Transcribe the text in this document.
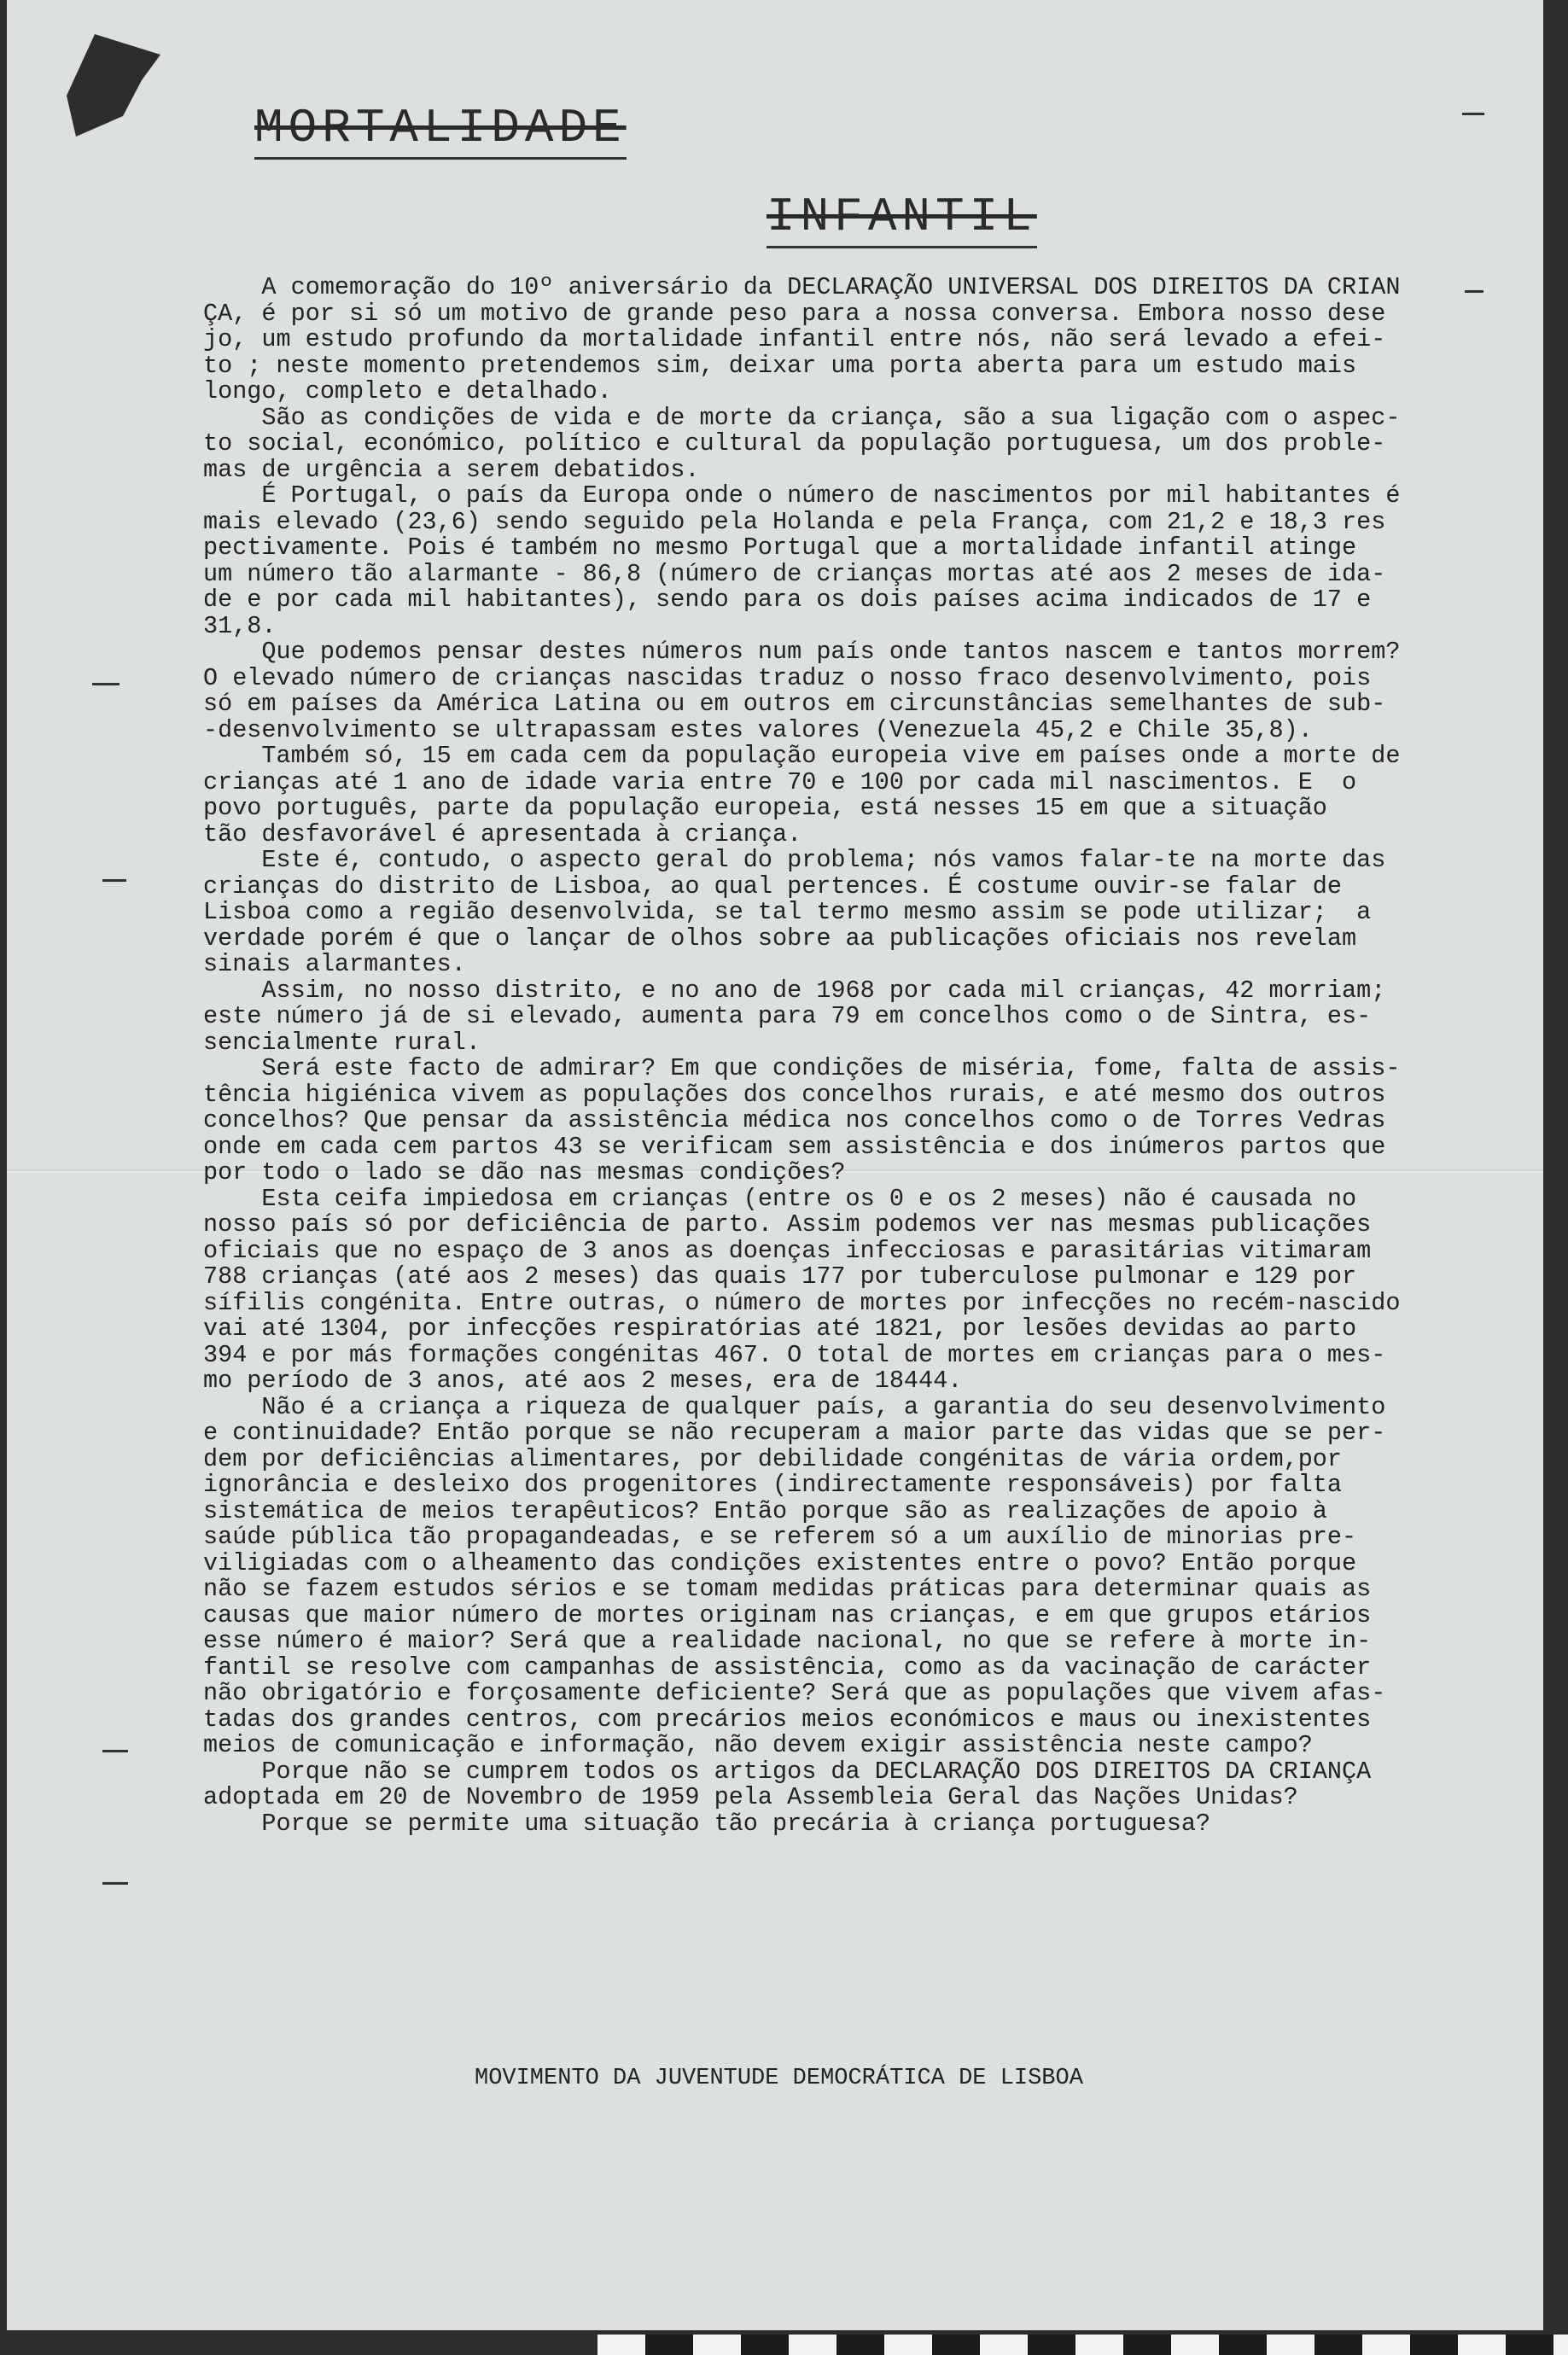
MORTALIDADE
INFANTIL
A comemoração do 10º aniversário da DECLARAÇÃO UNIVERSAL DOS DIREITOS DA CRIAN
ÇA, é por si só um motivo de grande peso para a nossa conversa. Embora nosso dese
jo, um estudo profundo da mortalidade infantil entre nós, não será levado a efei-
to ; neste momento pretendemos sim, deixar uma porta aberta para um estudo mais
longo, completo e detalhado.
São as condições de vida e de morte da criança, são a sua ligação com o aspec-
to social, económico, político e cultural da população portuguesa, um dos proble-
mas de urgência a serem debatidos.
É Portugal, o país da Europa onde o número de nascimentos por mil habitantes é
mais elevado (23,6) sendo seguido pela Holanda e pela França, com 21,2 e 18,3 res
pectivamente. Pois é também no mesmo Portugal que a mortalidade infantil atinge
um número tão alarmante - 86,8 (número de crianças mortas até aos 2 meses de ida-
de e por cada mil habitantes), sendo para os dois países acima indicados de 17 e
31,8.
Que podemos pensar destes números num país onde tantos nascem e tantos morrem?
O elevado número de crianças nascidas traduz o nosso fraco desenvolvimento, pois
só em países da América Latina ou em outros em circunstâncias semelhantes de sub-
-desenvolvimento se ultrapassam estes valores (Venezuela 45,2 e Chile 35,8).
Também só, 15 em cada cem da população europeia vive em países onde a morte de
crianças até 1 ano de idade varia entre 70 e 100 por cada mil nascimentos. E  o
povo português, parte da população europeia, está nesses 15 em que a situação
tão desfavorável é apresentada à criança.
Este é, contudo, o aspecto geral do problema; nós vamos falar-te na morte das
crianças do distrito de Lisboa, ao qual pertences. É costume ouvir-se falar de
Lisboa como a região desenvolvida, se tal termo mesmo assim se pode utilizar;  a
verdade porém é que o lançar de olhos sobre aa publicações oficiais nos revelam
sinais alarmantes.
Assim, no nosso distrito, e no ano de 1968 por cada mil crianças, 42 morriam;
este número já de si elevado, aumenta para 79 em concelhos como o de Sintra, es-
sencialmente rural.
Será este facto de admirar? Em que condições de miséria, fome, falta de assis-
tência higiénica vivem as populações dos concelhos rurais, e até mesmo dos outros
concelhos? Que pensar da assistência médica nos concelhos como o de Torres Vedras
onde em cada cem partos 43 se verificam sem assistência e dos inúmeros partos que
por todo o lado se dão nas mesmas condições?
Esta ceifa impiedosa em crianças (entre os 0 e os 2 meses) não é causada no
nosso país só por deficiência de parto. Assim podemos ver nas mesmas publicações
oficiais que no espaço de 3 anos as doenças infecciosas e parasitárias vitimaram
788 crianças (até aos 2 meses) das quais 177 por tuberculose pulmonar e 129 por
sífilis congénita. Entre outras, o número de mortes por infecções no recém-nascido
vai até 1304, por infecções respiratórias até 1821, por lesões devidas ao parto
394 e por más formações congénitas 467. O total de mortes em crianças para o mes-
mo período de 3 anos, até aos 2 meses, era de 18444.
Não é a criança a riqueza de qualquer país, a garantia do seu desenvolvimento
e continuidade? Então porque se não recuperam a maior parte das vidas que se per-
dem por deficiências alimentares, por debilidade congénitas de vária ordem,por
ignorância e desleixo dos progenitores (indirectamente responsáveis) por falta
sistemática de meios terapêuticos? Então porque são as realizações de apoio à
saúde pública tão propagandeadas, e se referem só a um auxílio de minorias pre-
viligiadas com o alheamento das condições existentes entre o povo? Então porque
não se fazem estudos sérios e se tomam medidas práticas para determinar quais as
causas que maior número de mortes originam nas crianças, e em que grupos etários
esse número é maior? Será que a realidade nacional, no que se refere à morte in-
fantil se resolve com campanhas de assistência, como as da vacinação de carácter
não obrigatório e forçosamente deficiente? Será que as populações que vivem afas-
tadas dos grandes centros, com precários meios económicos e maus ou inexistentes
meios de comunicação e informação, não devem exigir assistência neste campo?
Porque não se cumprem todos os artigos da DECLARAÇÃO DOS DIREITOS DA CRIANÇA
adoptada em 20 de Novembro de 1959 pela Assembleia Geral das Nações Unidas?
Porque se permite uma situação tão precária à criança portuguesa?
MOVIMENTO DA JUVENTUDE DEMOCRÁTICA DE LISBOA
